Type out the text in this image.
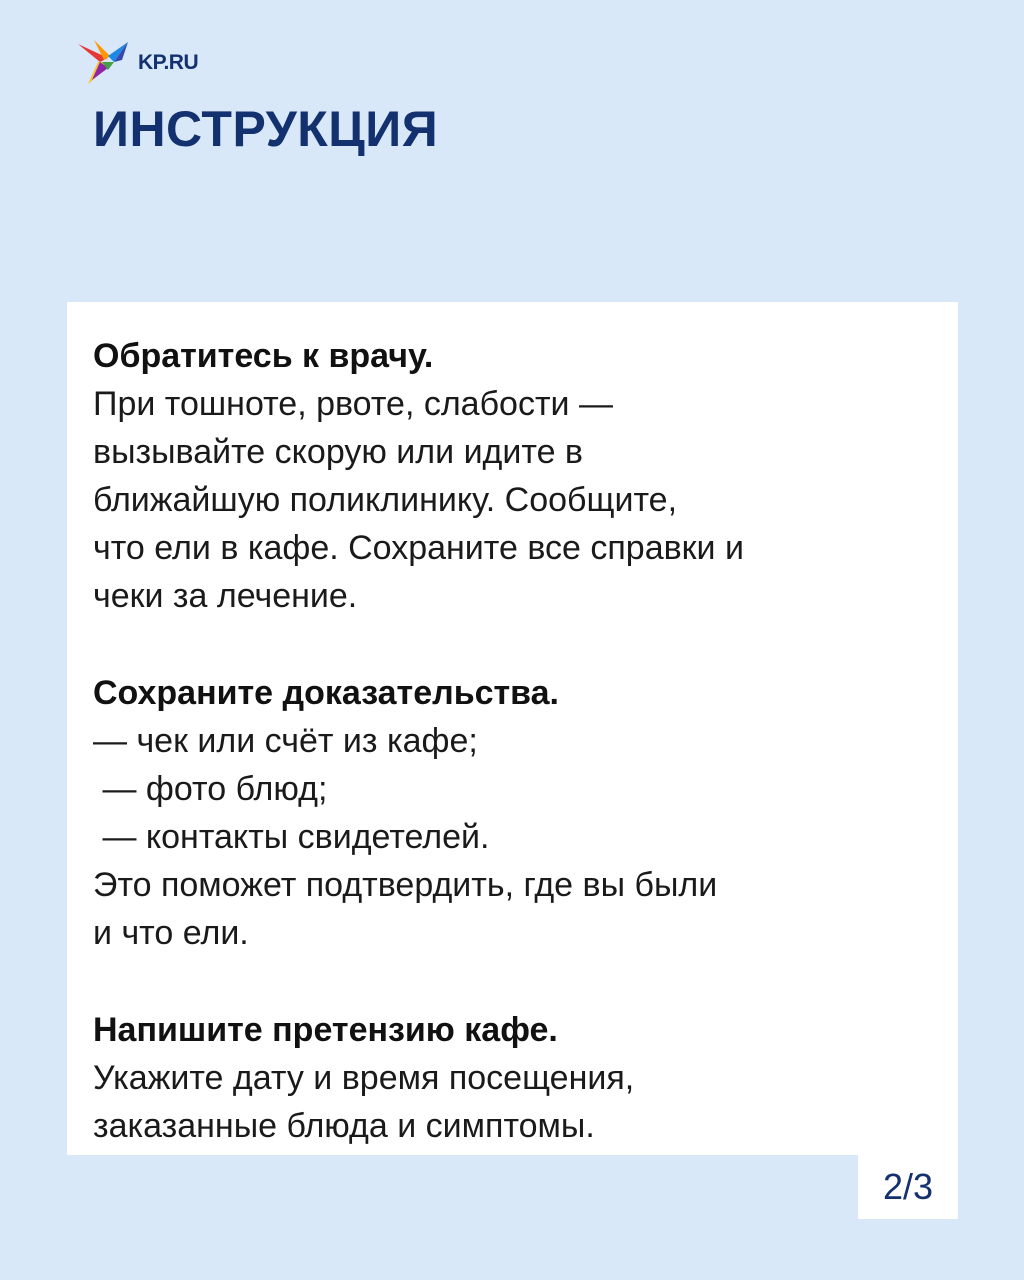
KP.RU
ИНСТРУКЦИЯ
Обратитесь к врачу.
При тошноте, рвоте, слабости —
вызывайте скорую или идите в
ближайшую поликлинику. Сообщите,
что ели в кафе. Сохраните все справки и
чеки за лечение.
Сохраните доказательства.
— чек или счёт из кафе;
— фото блюд;
— контакты свидетелей.
Это поможет подтвердить, где вы были
и что ели.
Напишите претензию кафе.
Укажите дату и время посещения,
заказанные блюда и симптомы.
2/3
